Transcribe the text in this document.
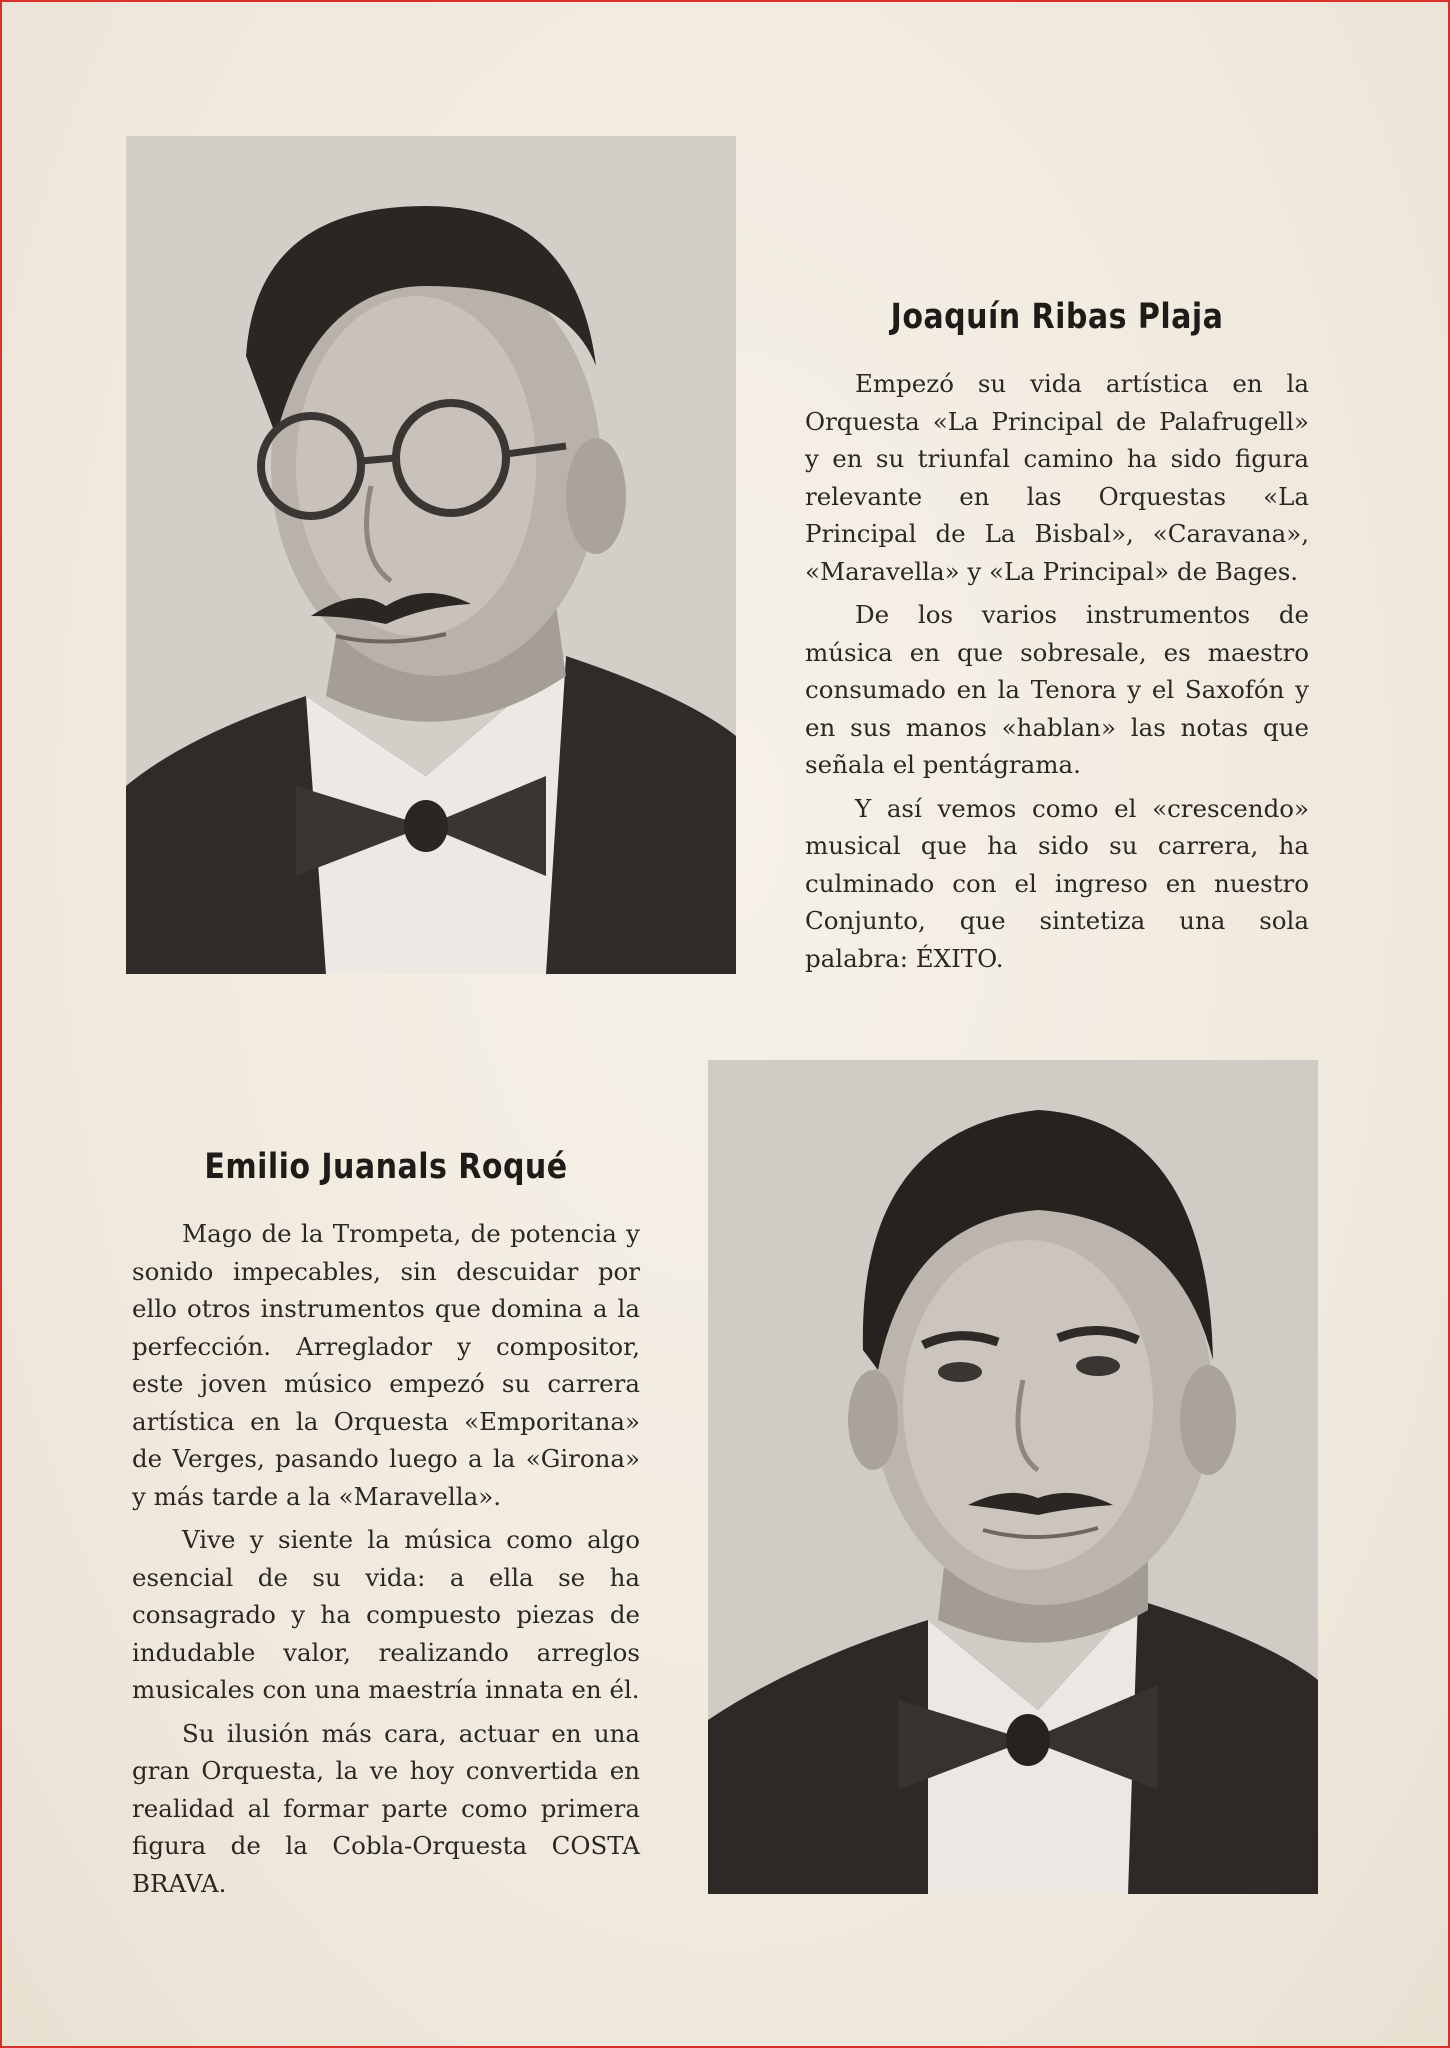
Joaquín Ribas Plaja

Empezó su vida artística en la Orquesta «La Principal de Palafrugell» y en su triunfal camino ha sido figura relevante en las Orquestas «La Principal de La Bisbal», «Caravana», «Maravella» y «La Principal» de Bages.

De los varios instrumentos de música en que sobresale, es maestro consumado en la Tenora y el Saxofón y en sus manos «hablan» las notas que señala el pentágrama.

Y así vemos como el «crescendo» musical que ha sido su carrera, ha culminado con el ingreso en nuestro Conjunto, que sintetiza una sola palabra: ÉXITO.

Emilio Juanals Roqué

Mago de la Trompeta, de potencia y sonido impecables, sin descuidar por ello otros instrumentos que domina a la perfección. Arreglador y compositor, este joven músico empezó su carrera artística en la Orquesta «Emporitana» de Verges, pasando luego a la «Girona» y más tarde a la «Maravella».

Vive y siente la música como algo esencial de su vida: a ella se ha consagrado y ha compuesto piezas de indudable valor, realizando arreglos musicales con una maestría innata en él.

Su ilusión más cara, actuar en una gran Orquesta, la ve hoy convertida en realidad al formar parte como primera figura de la Cobla-Orquesta COSTA BRAVA.
